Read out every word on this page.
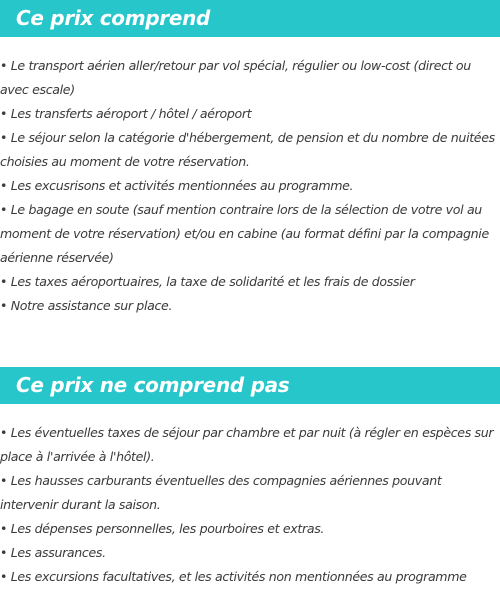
Ce prix comprend
• Le transport aérien aller/retour par vol spécial, régulier ou low-cost (direct ou avec escale)
• Les transferts aéroport / hôtel / aéroport
• Le séjour selon la catégorie d'hébergement, de pension et du nombre de nuitées choisies au moment de votre réservation.
• Les excusrisons et activités mentionnées au programme.
• Le bagage en soute (sauf mention contraire lors de la sélection de votre vol au moment de votre réservation) et/ou en cabine (au format défini par la compagnie aérienne réservée)
• Les taxes aéroportuaires, la taxe de solidarité et les frais de dossier
• Notre assistance sur place.
Ce prix ne comprend pas
• Les éventuelles taxes de séjour par chambre et par nuit (à régler en espèces sur place à l'arrivée à l'hôtel).
• Les hausses carburants éventuelles des compagnies aériennes pouvant intervenir durant la saison.
• Les dépenses personnelles, les pourboires et extras.
• Les assurances.
• Les excursions facultatives, et les activités non mentionnées au programme
